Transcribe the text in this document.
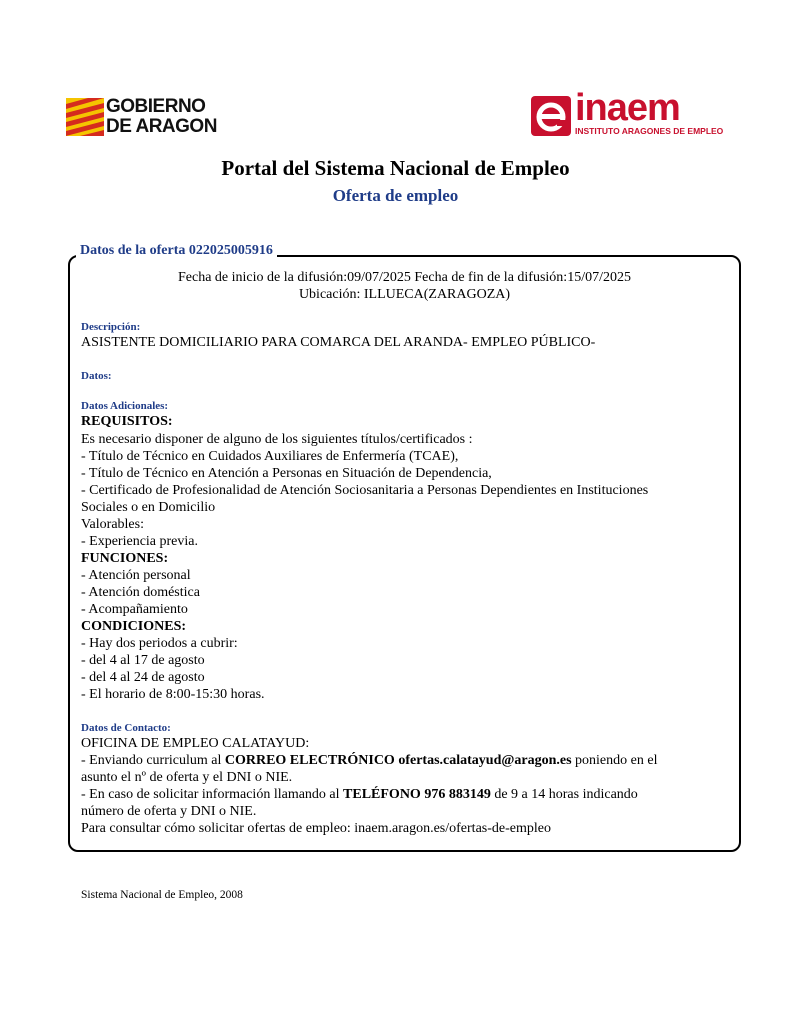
GOBIERNO
DE ARAGON	inaem
INSTITUTO ARAGONES DE EMPLEO
Portal del Sistema Nacional de Empleo
Oferta de empleo
Datos de la oferta 022025005916
Fecha de inicio de la difusión:09/07/2025 Fecha de fin de la difusión:15/07/2025
Ubicación: ILLUECA(ZARAGOZA)
Descripción:
ASISTENTE DOMICILIARIO PARA COMARCA DEL ARANDA- EMPLEO PÚBLICO-
Datos:
Datos Adicionales:
REQUISITOS:
Es necesario disponer de alguno de los siguientes títulos/certificados :
- Título de Técnico en Cuidados Auxiliares de Enfermería (TCAE),
- Título de Técnico en Atención a Personas en Situación de Dependencia,
- Certificado de Profesionalidad de Atención Sociosanitaria a Personas Dependientes en Instituciones
Sociales o en Domicilio
Valorables:
- Experiencia previa.
FUNCIONES:
- Atención personal
- Atención doméstica
- Acompañamiento
CONDICIONES:
- Hay dos periodos a cubrir:
- del 4 al 17 de agosto
- del 4 al 24 de agosto
- El horario de 8:00-15:30 horas.
Datos de Contacto:
OFICINA DE EMPLEO CALATAYUD:
- Enviando curriculum al CORREO ELECTRÓNICO ofertas.calatayud@aragon.es poniendo en el
asunto el nº de oferta y el DNI o NIE.
- En caso de solicitar información llamando al TELÉFONO 976 883149 de 9 a 14 horas indicando
número de oferta y DNI o NIE.
Para consultar cómo solicitar ofertas de empleo: inaem.aragon.es/ofertas-de-empleo
Sistema Nacional de Empleo, 2008
